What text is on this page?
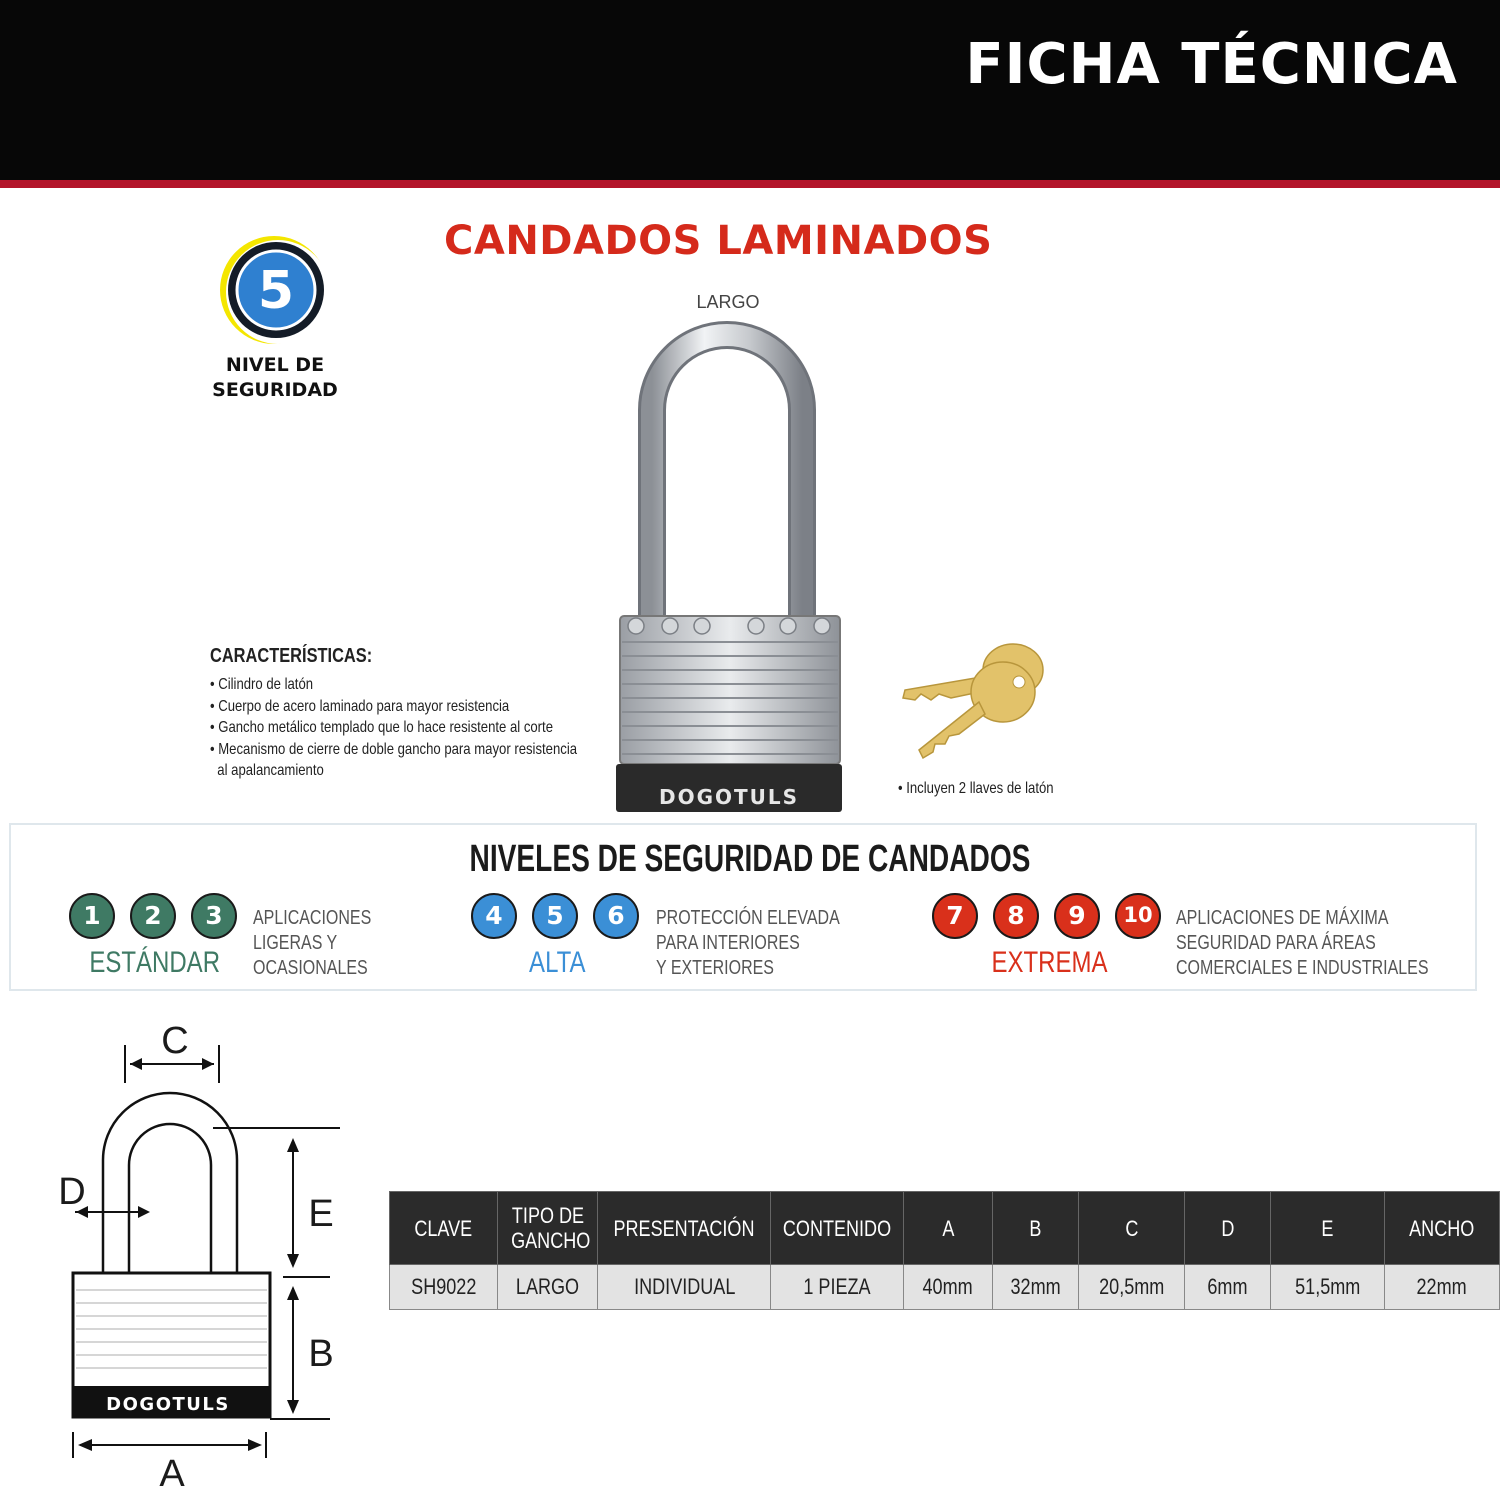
FICHA TÉCNICA
5
NIVEL DE
SEGURIDAD
CANDADOS LAMINADOS
LARGO
DOGOTULS
CARACTERÍSTICAS:
• Cilindro de latón
• Cuerpo de acero laminado para mayor resistencia
• Gancho metálico templado que lo hace resistente al corte
• Mecanismo de cierre de doble gancho para mayor resistencia
al apalancamiento
• Incluyen 2 llaves de latón
NIVELES DE SEGURIDAD DE CANDADOS
1	2	3
ESTÁNDAR
APLICACIONES
LIGERAS Y
OCASIONALES
4	5	6
ALTA
PROTECCIÓN ELEVADA
PARA INTERIORES
Y EXTERIORES
7	8	9	10
EXTREMA
APLICACIONES DE MÁXIMA
SEGURIDAD PARA ÁREAS
COMERCIALES E INDUSTRIALES
DOGOTULS
C
D
E
B
A
CLAVE	TIPO DE GANCHO	PRESENTACIÓN	CONTENIDO	A	B	C	D	E	ANCHO
SH9022	LARGO	INDIVIDUAL	1 PIEZA	40mm	32mm	20,5mm	6mm	51,5mm	22mm
